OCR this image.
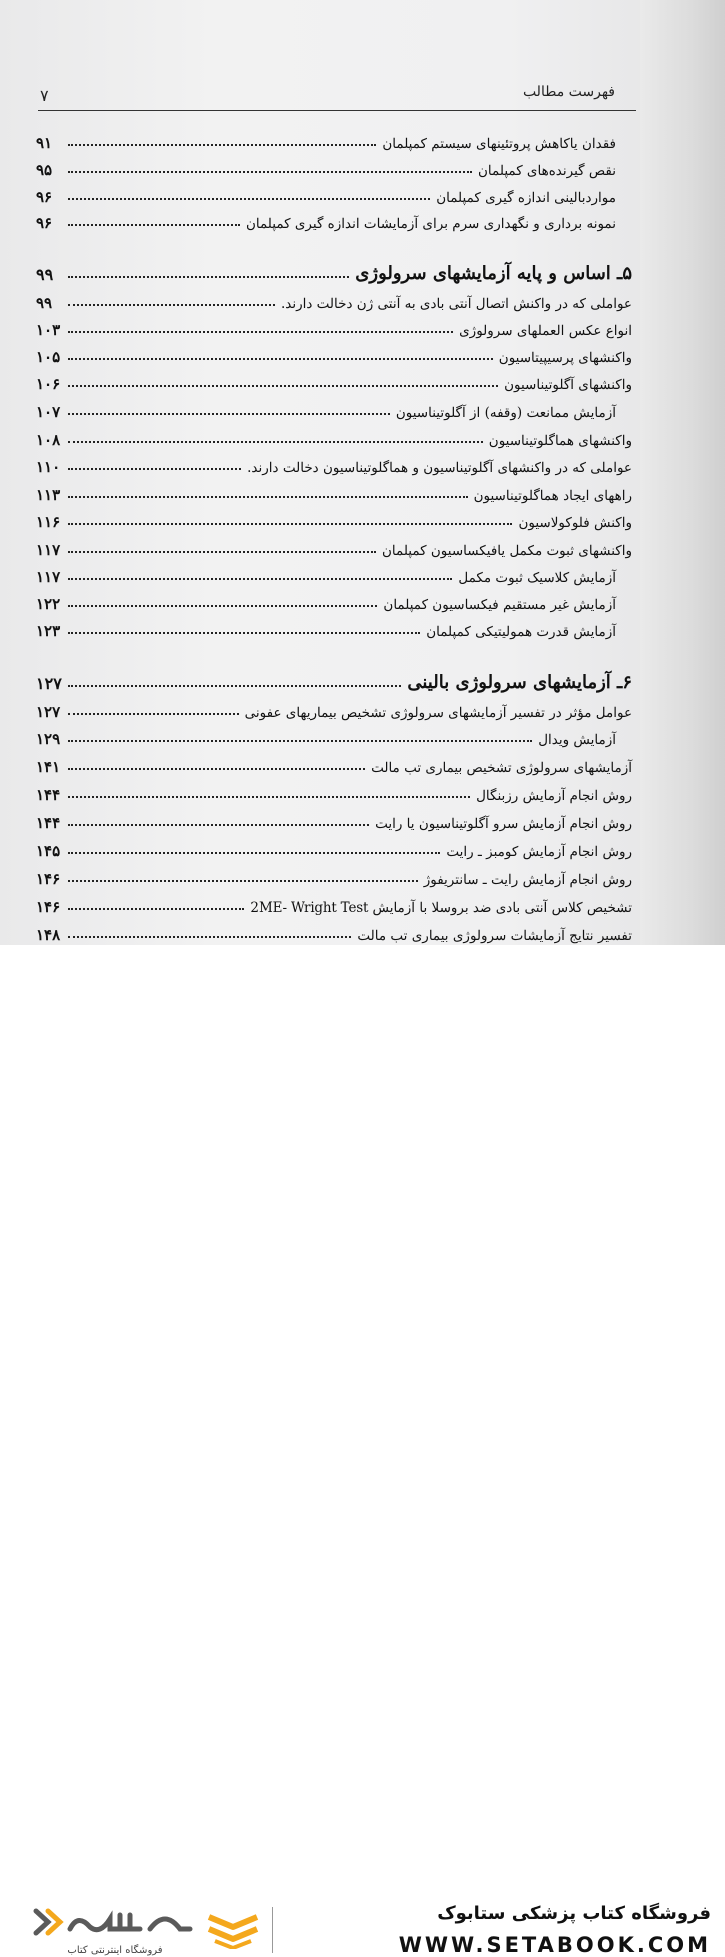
فهرست مطالب
۷
فقدان یاکاهش پروتئینهای سیستم کمپلمان
۹۱
نقص گیرنده‌های کمپلمان
۹۵
مواردبالینی اندازه گیری کمپلمان
۹۶
نمونه برداری و نگهداری سرم برای آزمایشات اندازه گیری کمپلمان
۹۶
۵ـ اساس و پایه آزمایشهای سرولوژی
۹۹
عواملی که در واکنش اتصال آنتی بادی به آنتی ژن دخالت دارند.
۹۹
انواع عکس العملهای سرولوژی
۱۰۳
واکنشهای پرسیپیتاسیون
۱۰۵
واکنشهای آگلوتیناسیون
۱۰۶
آزمایش ممانعت (وقفه) از آگلوتیناسیون
۱۰۷
واکنشهای هماگلوتیناسیون
۱۰۸
عواملی که در واکنشهای آگلوتیناسیون و هماگلوتیناسیون دخالت دارند.
۱۱۰
راههای ایجاد هماگلوتیناسیون
۱۱۳
واکنش فلوکولاسیون
۱۱۶
واکنشهای ثبوت مکمل یافیکساسیون کمپلمان
۱۱۷
آزمایش کلاسیک ثبوت مکمل
۱۱۷
آزمایش غیر مستقیم فیکساسیون کمپلمان
۱۲۲
آزمایش قدرت همولیتیکی کمپلمان
۱۲۳
۶ـ آزمایشهای سرولوژی بالینی
۱۲۷
عوامل مؤثر در تفسیر آزمایشهای سرولوژی تشخیص بیماریهای عفونی
۱۲۷
آزمایش ویدال
۱۲۹
آزمایشهای سرولوژی تشخیص بیماری تب مالت
۱۴۱
روش انجام آزمایش رزبنگال
۱۴۴
روش انجام آزمایش سرو آگلوتیناسیون یا رایت
۱۴۴
روش انجام آزمایش کومبز ـ رایت
۱۴۵
روش انجام آزمایش رایت ـ سانتریفوژ
۱۴۶
تشخیص کلاس آنتی بادی ضد بروسلا با آزمایش 2ME- Wright Test
۱۴۶
تفسیر نتایج آزمایشات سرولوژی بیماری تب مالت
۱۴۸
فروشگاه اینترنتی کتاب
فروشگاه کتاب پزشکی ستابوک
WWW.SETABOOK.COM
